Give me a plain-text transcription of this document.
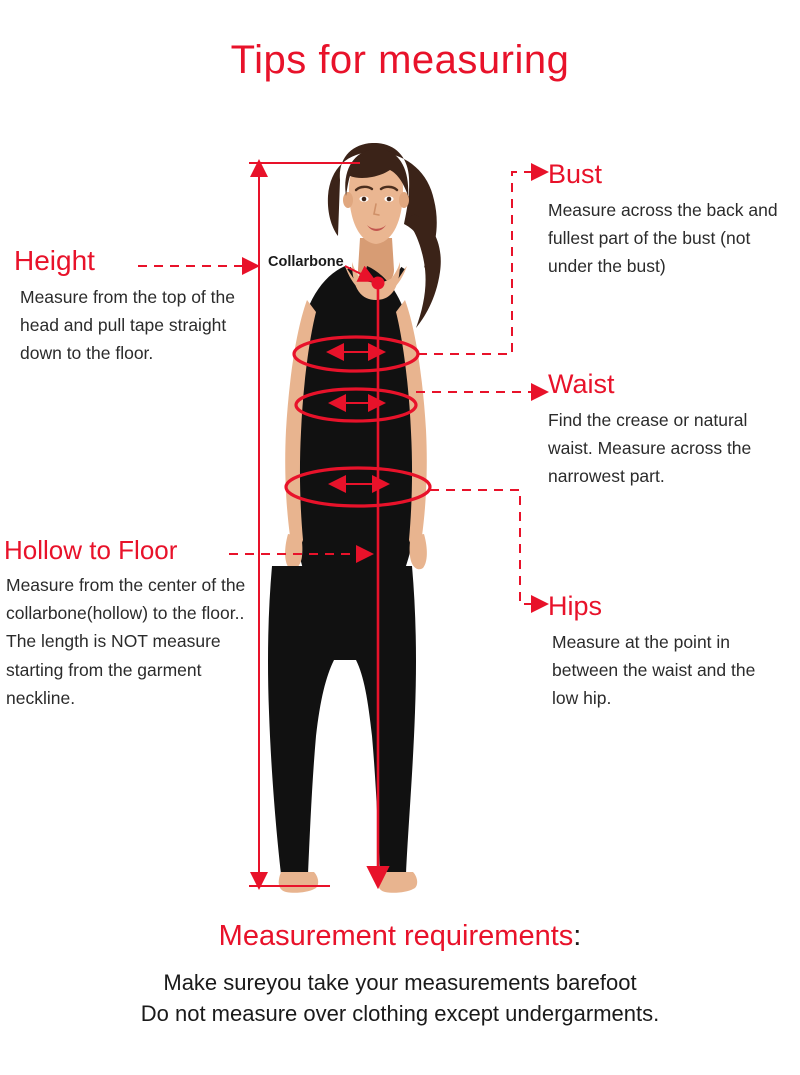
Tips for measuring
Collarbone
Height
Measure from the top of the head and pull tape straight down to the floor.
Hollow to Floor
Measure from the center of the collarbone(hollow) to the floor.. The length is NOT measure starting from the garment neckline.
Bust
Measure across the back and fullest part of the bust (not under the bust)
Waist
Find the crease or natural waist. Measure across the narrowest part.
Hips
Measure at the point in between the waist and the low hip.
Measurement requirements:
Make sureyou take your measurements barefoot
Do not measure over clothing except undergarments.
